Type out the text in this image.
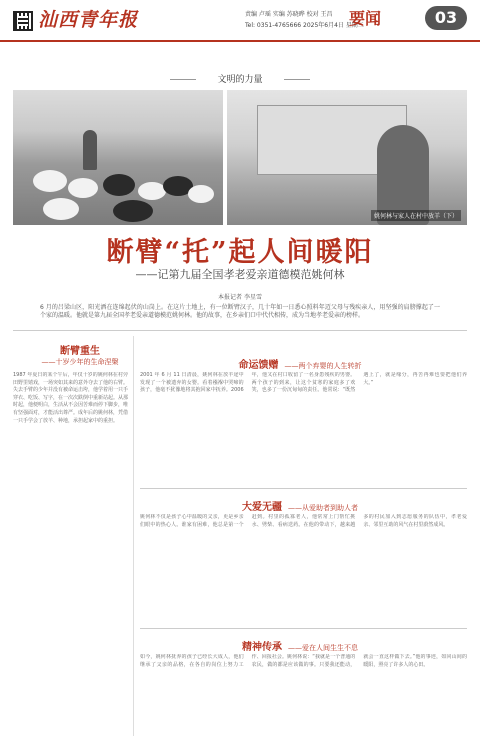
汕西青年报	责编 卢瑶 实编 苏晓晔 校对 王昌
Tel: 0351-4765666 2025年6月4日 星期三
要闻	03
文明的力量
姚何林与家人在村中放羊（下）
断臂“托”起人间暖阳
——记第九届全国孝老爱亲道德模范姚何林
本报记者 李星雪
6 月的吕梁山区，阳光洒在连绵起伏的山岗上。在这片土地上，有一位断臂汉子，几十年如一日悉心照料年迈父母与残疾亲人，用坚强的肩膀撑起了一个家的温暖。他就是第九届全国孝老爱亲道德模范姚何林。他的故事，在乡亲们口中代代相传，成为当地孝老爱亲的榜样。
断臂重生
——十岁少年的生命涅槃
1987 年夏日的某个午后，年仅十岁的姚何林在村旁田野里嬉戏，一场突如其来的意外夺去了他的右臂。失去手臂的少年并没有被命运击垮，他学着用一只手穿衣、吃饭、写字，在一次次跌倒中重新站起。从那时起，他便明白，生活从不会因苦难而停下脚步，唯有坚强面对，才能活出尊严。成年后的姚何林，凭借一只手学会了放羊、种地，承担起家中的重担。
命运馈赠 ——两个弃婴的人生转折
2001 年 6 月 11 日清晨，姚何林在放羊途中发现了一个被遗弃的女婴。看着襁褓中哭啼的孩子，他毫不犹豫地将其抱回家中抚养。2006 年，他又在村口收留了一名身患残疾的男婴。两个孩子的到来，让这个贫寒的家庭多了欢笑，也多了一份沉甸甸的责任。他常说：“既然遇上了，就是缘分，再苦再难也要把他们养大。”
大爱无疆 ——从爱助者到助人者
姚何林不仅是孩子心中温暖的父亲，更是乡亲们眼中的热心人。谁家有困难，他总是第一个赶到。村里的孤寡老人，他常常上门帮忙挑水、劈柴、看病送药。在他的带动下，越来越多的村民加入到志愿服务的队伍中，孝老爱亲、邻里互助的风气在村里蔚然成风。
精神传承 ——爱在人间生生不息
如今，姚何林抚养的孩子已经长大成人，他们继承了父亲的品格，在各自的岗位上努力工作、回报社会。姚何林说：“我就是一个普通的农民，做的都是应该做的事。只要我还能动，就会一直这样做下去。”他的事迹，如同山间的暖阳，照亮了许多人的心田。
